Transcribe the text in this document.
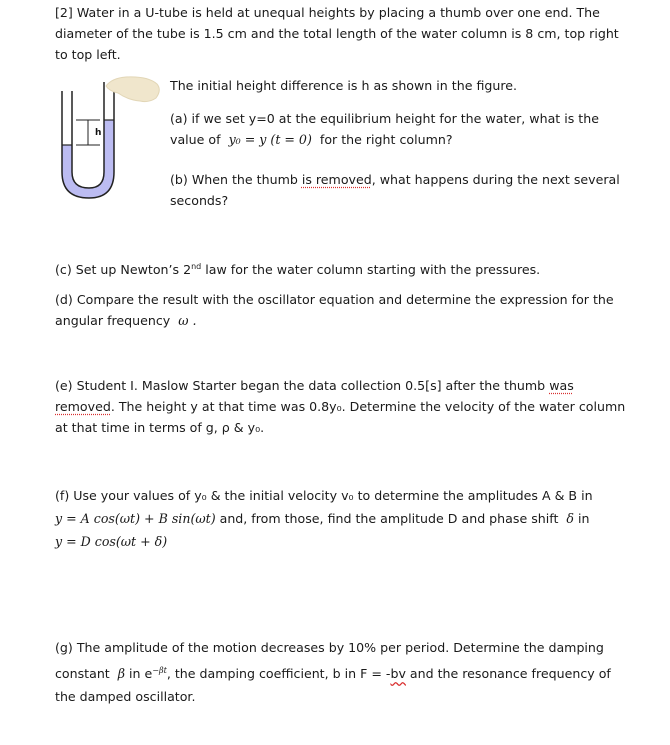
[2] Water in a U-tube is held at unequal heights by placing a thumb over one end. The
diameter of the tube is 1.5 cm and the total length of the water column is 8 cm, top right
to top left.
h
The initial height difference is h as shown in the figure.
(a) if we set y=0 at the equilibrium height for the water, what is the
value of y₀ = y (t = 0) for the right column?
(b) When the thumb is removed, what happens during the next several
seconds?
(c) Set up Newton’s 2nd law for the water column starting with the pressures.
(d) Compare the result with the oscillator equation and determine the expression for the
angular frequency ω .
(e) Student I. Maslow Starter began the data collection 0.5[s] after the thumb was
removed. The height y at that time was 0.8y₀. Determine the velocity of the water column
at that time in terms of g, ρ & y₀.
(f) Use your values of y₀ & the initial velocity v₀ to determine the amplitudes A & B in
y = A cos(ωt) + B sin(ωt) and, from those, find the amplitude D and phase shift δ in
y = D cos(ωt + δ)
(g) The amplitude of the motion decreases by 10% per period. Determine the damping
constant β in $e^{-\beta t}$, the damping coefficient, b in F = -bv and the resonance frequency of
the damped oscillator.
